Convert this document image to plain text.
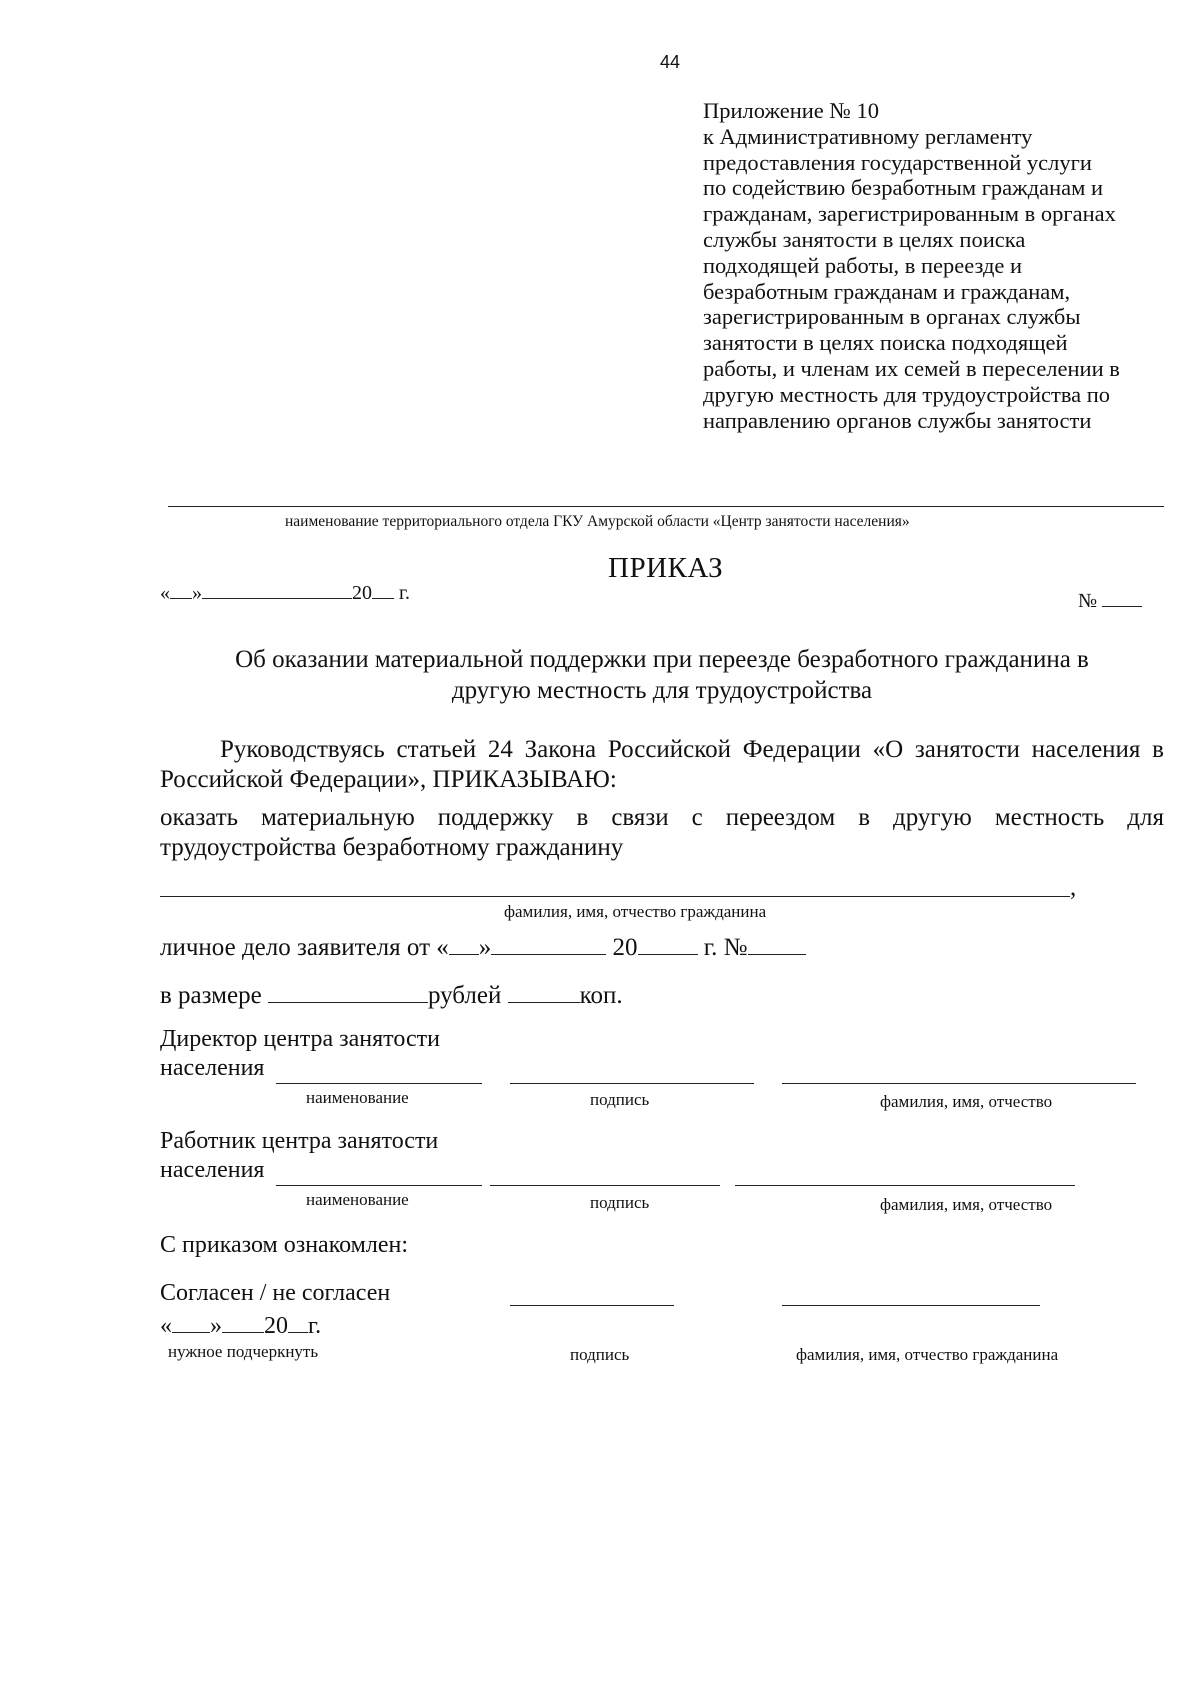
44
Приложение № 10
к Административному регламенту
предоставления государственной услуги
по содействию безработным гражданам и
гражданам, зарегистрированным в органах
службы занятости в целях поиска
подходящей работы, в переезде и
безработным гражданам и гражданам,
зарегистрированным в органах службы
занятости в целях поиска подходящей
работы, и членам их семей в переселении в
другую местность для трудоустройства по
направлению органов службы занятости
наименование территориального отдела ГКУ Амурской области «Центр занятости населения»
ПРИКАЗ
« »	20 г.	№
Об оказании материальной поддержки при переезде безработного гражданина в
другую местность для трудоустройства
Руководствуясь статьей 24 Закона Российской Федерации «О занятости населения в
Российской Федерации», ПРИКАЗЫВАЮ:
оказать материальную поддержку в связи с переездом в другую местность для
трудоустройства безработному гражданину
,
фамилия, имя, отчество гражданина
личное дело заявителя от « »	20	г. №
в размере	рублей	коп.
Директор центра занятости
населения
наименование	подпись	фамилия, имя, отчество
Работник центра занятости
населения
наименование	подпись	фамилия, имя, отчество
С приказом ознакомлен:
Согласен / не согласен
« » 20 г.
нужное подчеркнуть	подпись	фамилия, имя, отчество гражданина
